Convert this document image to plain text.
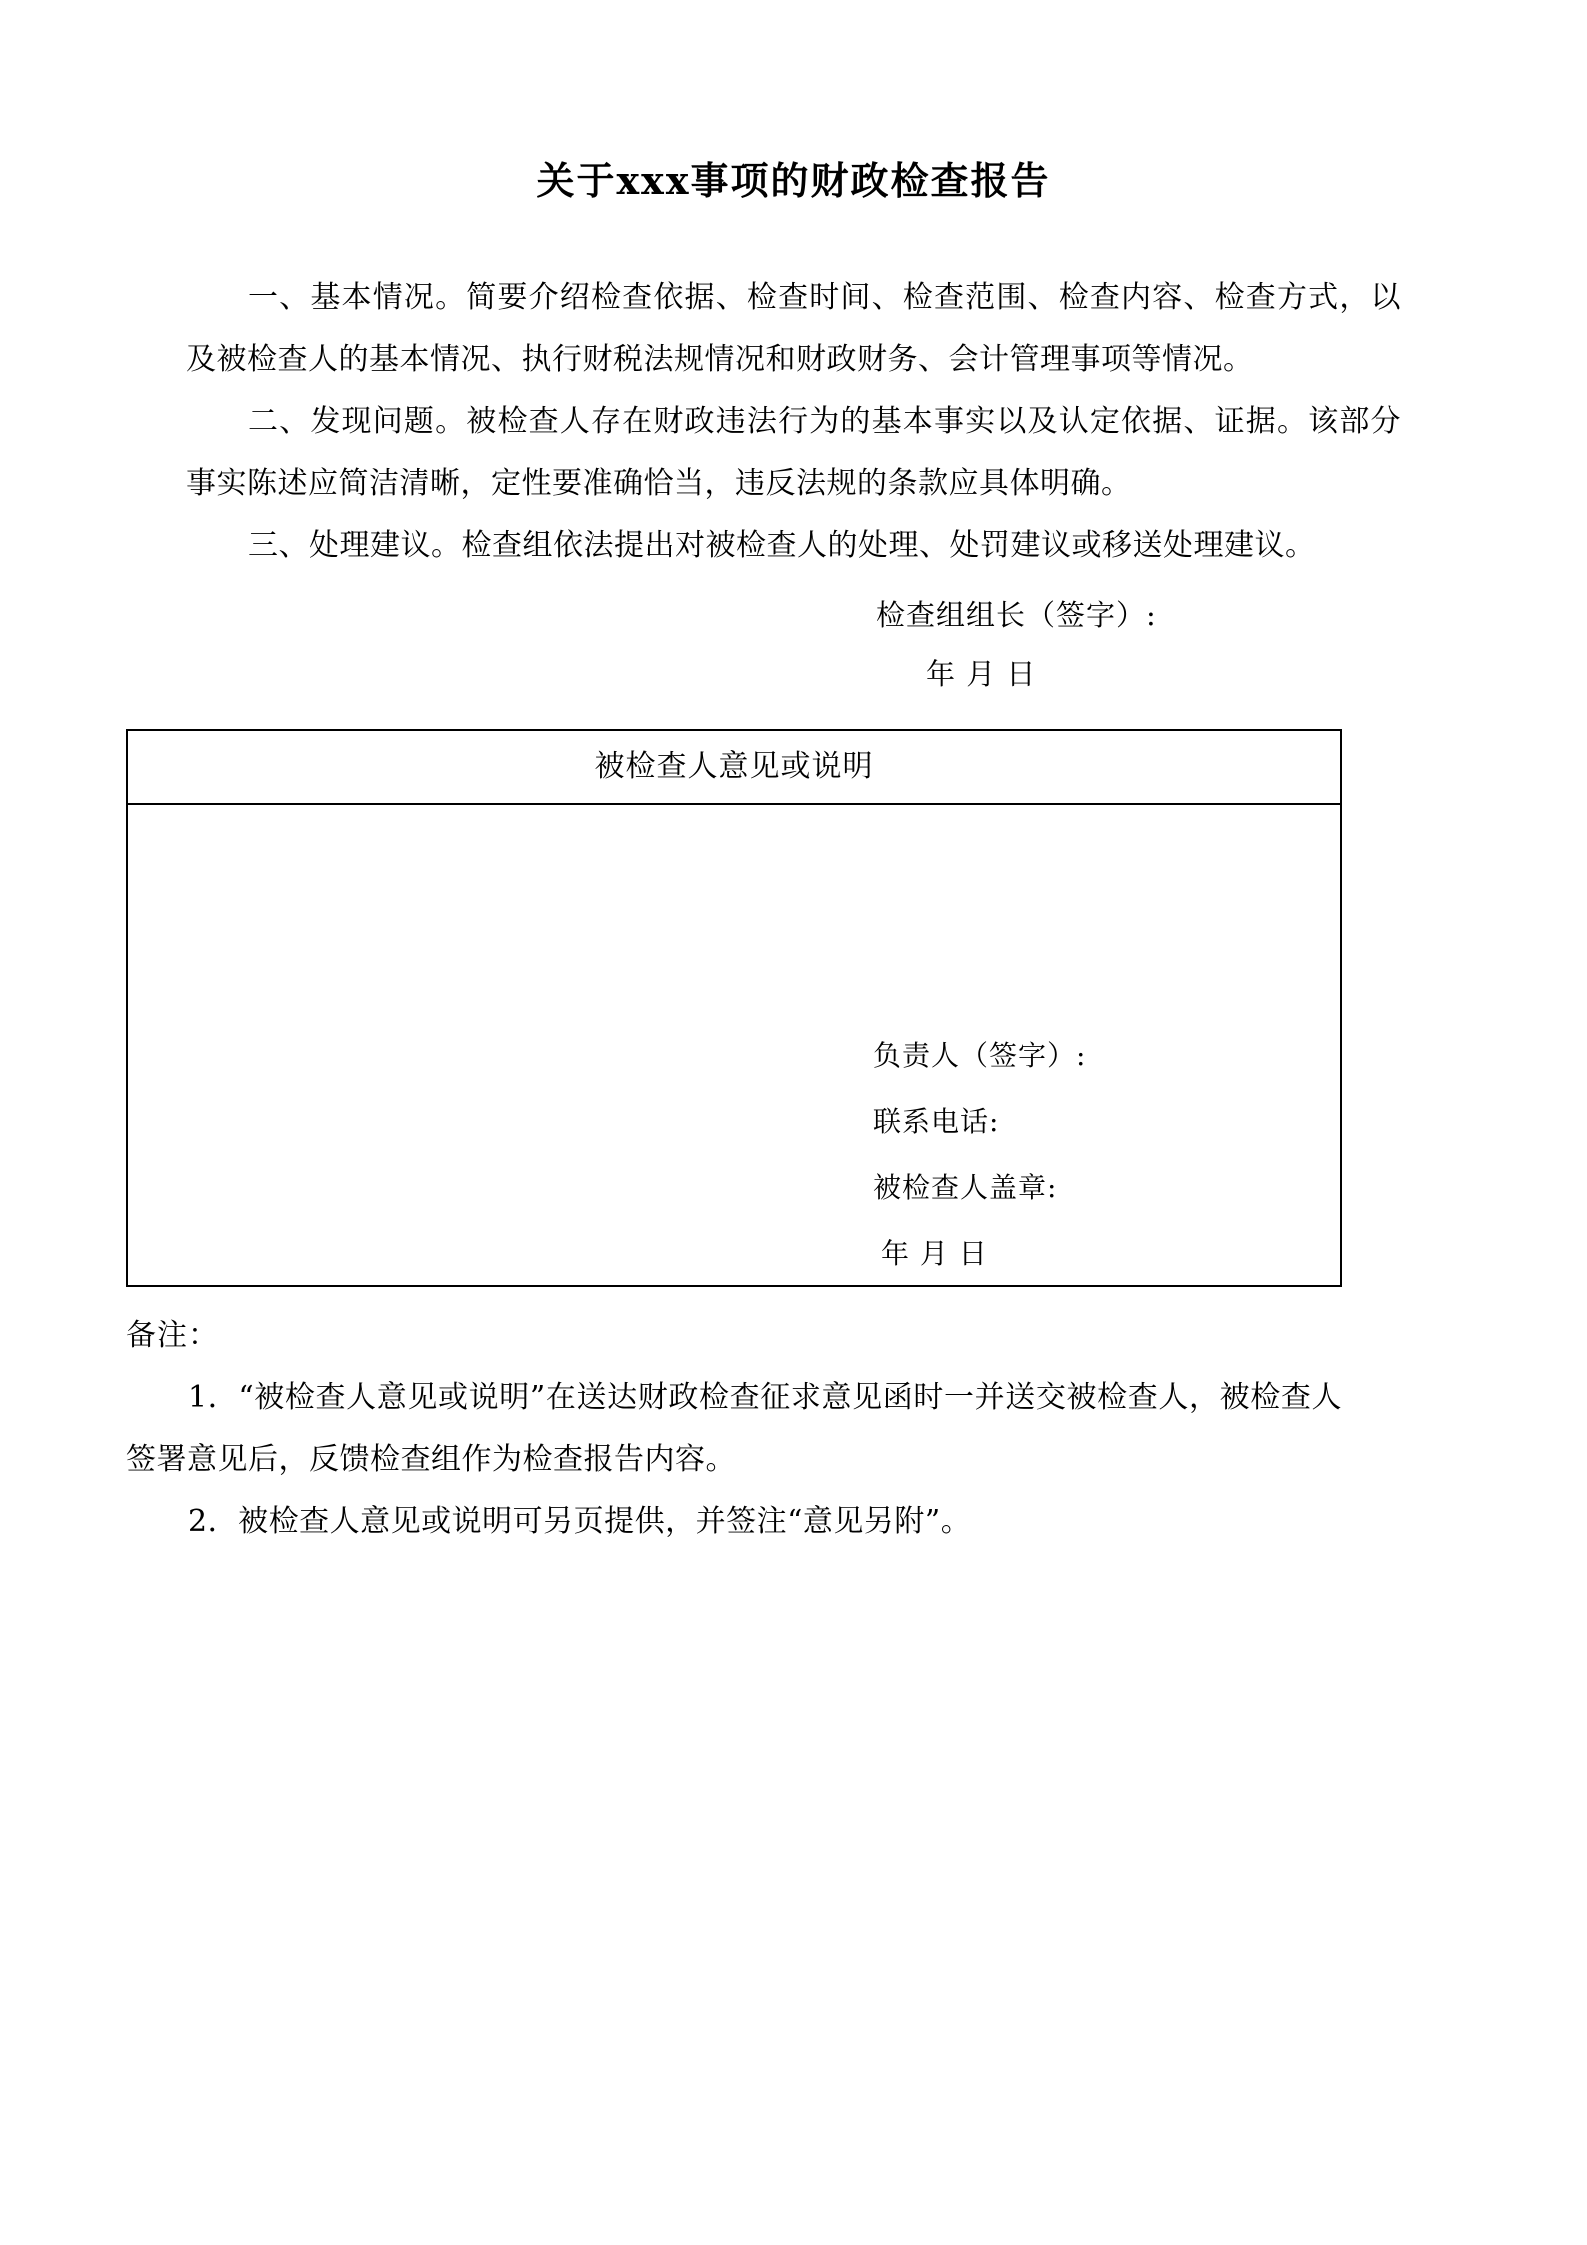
关于xxx事项的财政检查报告

一、基本情况。简要介绍检查依据、检查时间、检查范围、检查内容、检查方式，以及被检查人的基本情况、执行财税法规情况和财政财务、会计管理事项等情况。

二、发现问题。被检查人存在财政违法行为的基本事实以及认定依据、证据。该部分事实陈述应简洁清晰，定性要准确恰当，违反法规的条款应具体明确。

三、处理建议。检查组依法提出对被检查人的处理、处罚建议或移送处理建议。

检查组组长（签字）:

年 月 日

被检查人意见或说明
负责人（签字）:
联系电话:
被检查人盖章:
年 月 日

备注：

1．“被检查人意见或说明”在送达财政检查征求意见函时一并送交被检查人，被检查人签署意见后，反馈检查组作为检查报告内容。

2．被检查人意见或说明可另页提供，并签注“意见另附”。
